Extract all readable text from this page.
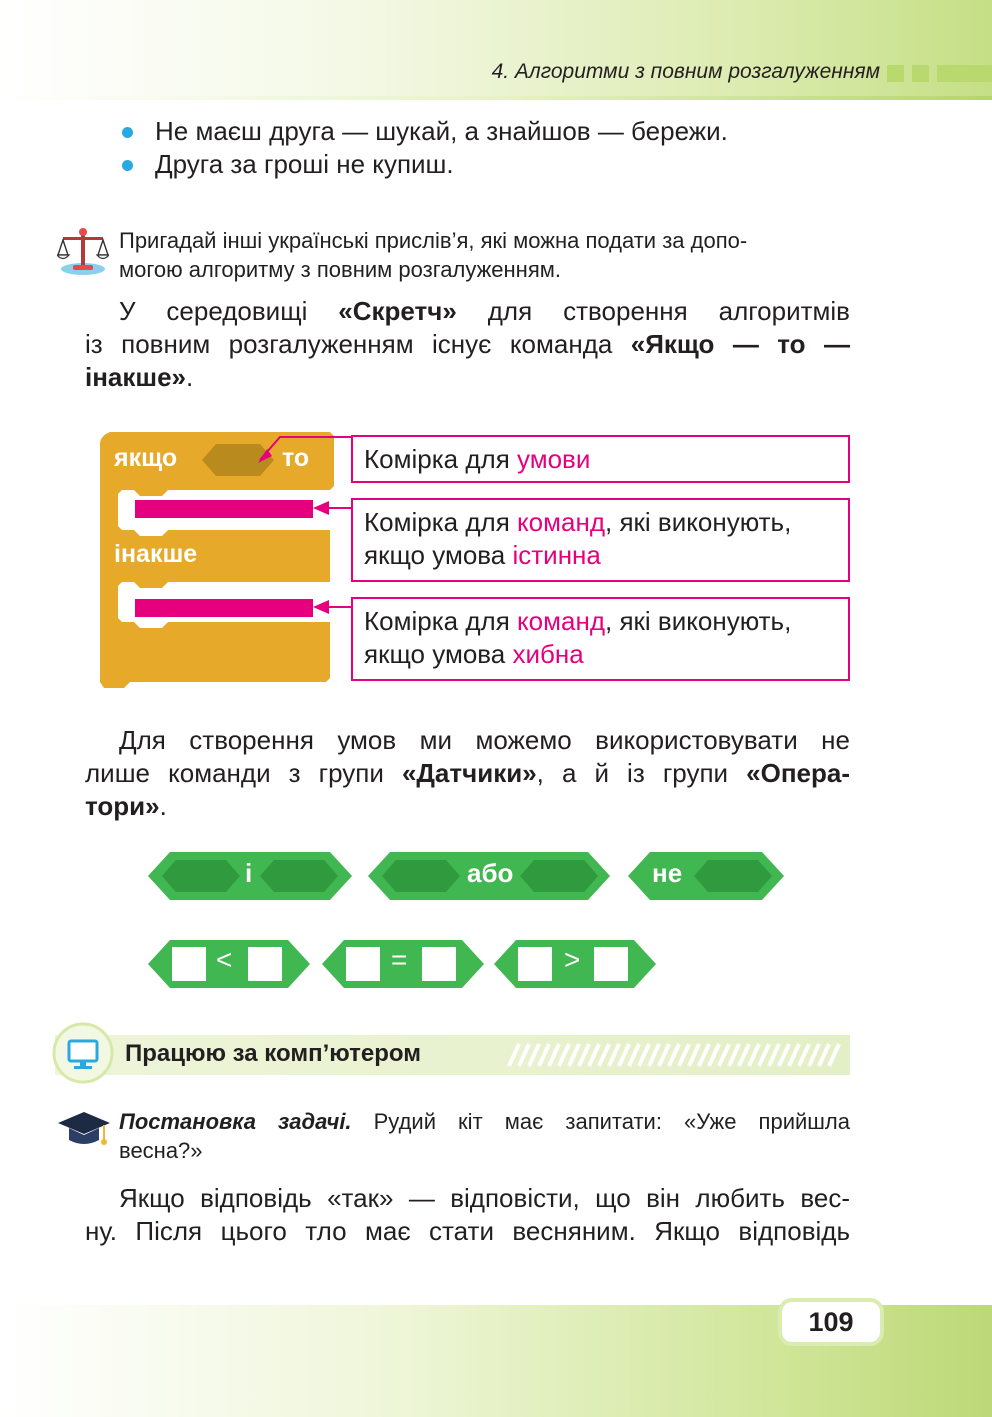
4. Алгоритми з повним розгалуженням
Не маєш друга — шукай, а знайшов — бережи.
Друга за гроші не купиш.
Пригадай інші українські прислів’я, які можна подати за допо-
могою алгоритму з повним розгалуженням.
У середовищі «Скретч» для створення алгоритмів
із повним розгалуженням існує команда «Якщо — то —
інакше».
якщо	то
інакше
Комірка для умови
Комірка для команд, які виконують,
якщо умова істинна
Комірка для команд, які виконують,
якщо умова хибна
Для створення умов ми можемо використовувати не
лише команди з групи «Датчики», а й із групи «Опера-
тори».
і	або	не
<	=	>
Працюю за комп’ютером
Постановка задачі. Рудий кіт має запитати: «Уже прийшла
весна?»
Якщо відповідь «так» — відповісти, що він любить вес-
ну. Після цього тло має стати весняним. Якщо відповідь
109
